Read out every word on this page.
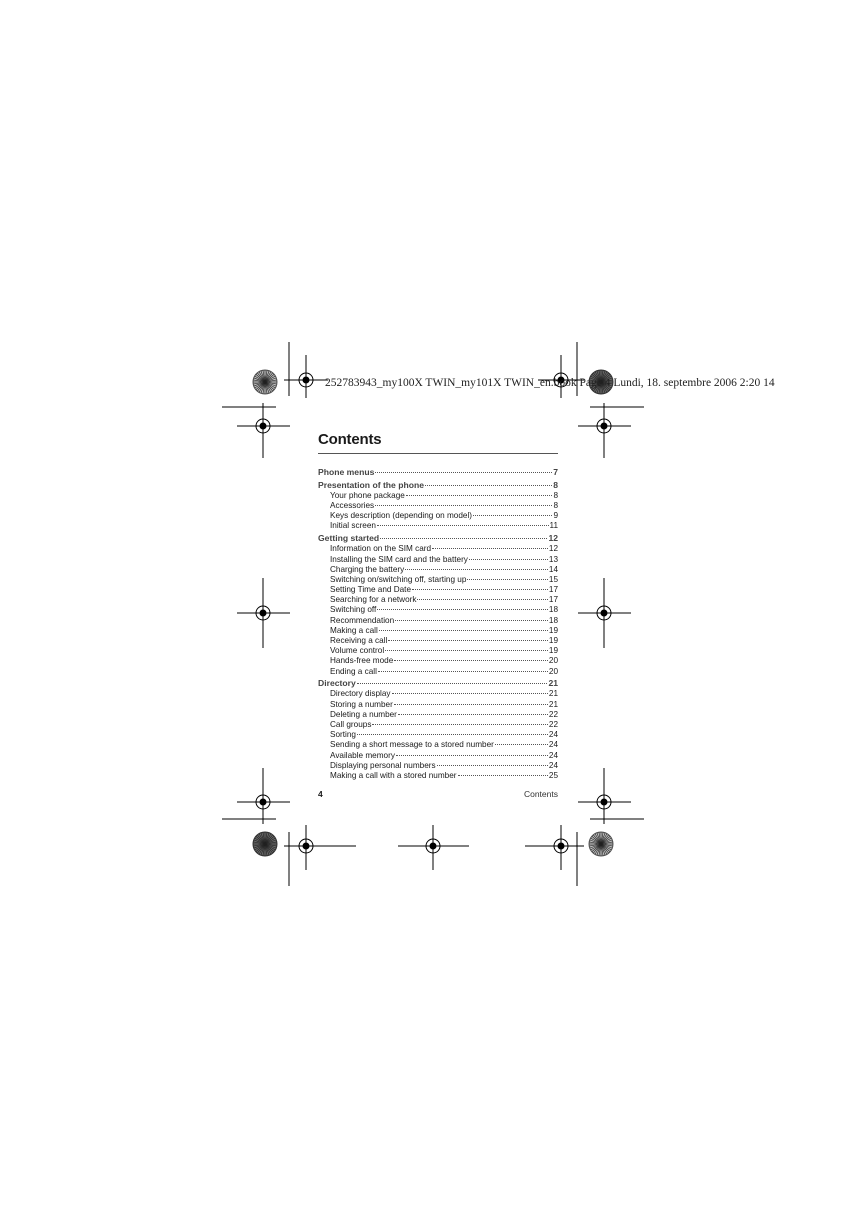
252783943_my100X TWIN_my101X TWIN_en.book Page 4 Lundi, 18. septembre 2006 2:20 14
Contents
Phone menus	7
Presentation of the phone	8
Your phone package	8
Accessories	8
Keys description (depending on model)	9
Initial screen	11
Getting started	12
Information on the SIM card	12
Installing the SIM card and the battery	13
Charging the battery	14
Switching on/switching off, starting up	15
Setting Time and Date	17
Searching for a network	17
Switching off	18
Recommendation	18
Making a call	19
Receiving a call	19
Volume control	19
Hands-free mode	20
Ending a call	20
Directory	21
Directory display	21
Storing a number	21
Deleting a number	22
Call groups	22
Sorting	24
Sending a short message to a stored number	24
Available memory	24
Displaying personal numbers	24
Making a call with a stored number	25
4	Contents
